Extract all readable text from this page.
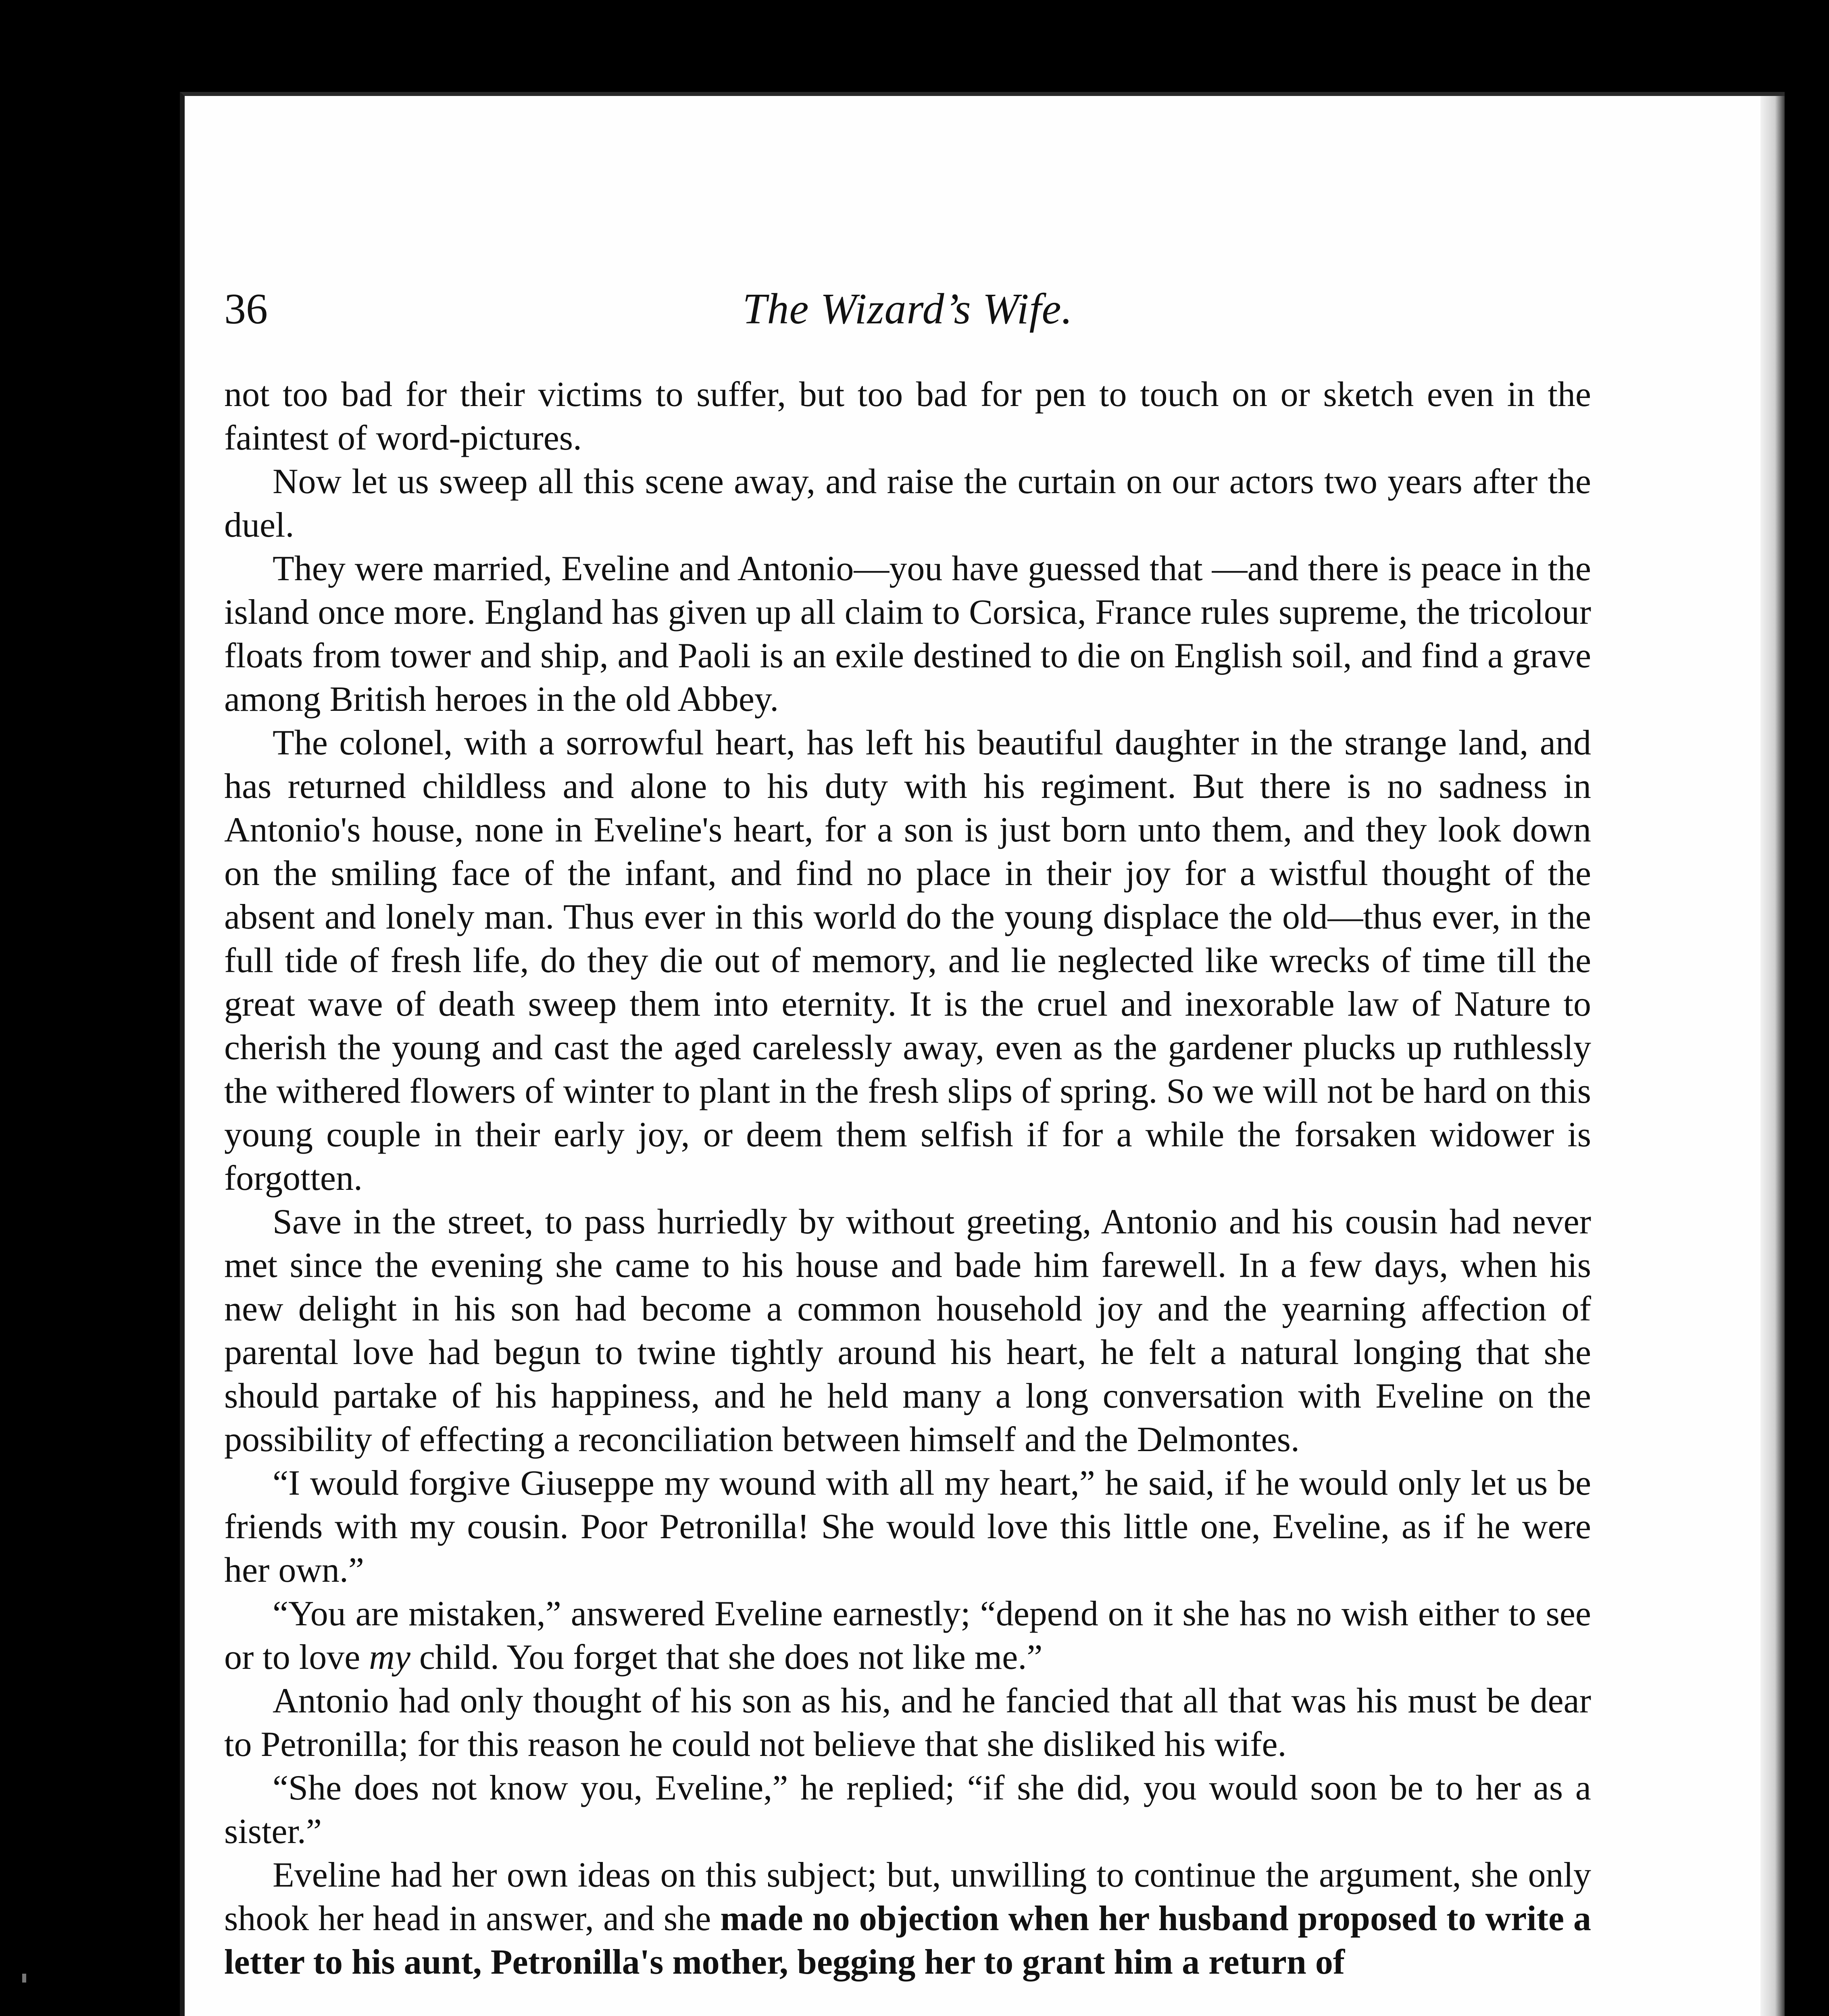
36	The Wizard’s Wife.

not too bad for their victims to suffer, but too bad for pen to touch on or sketch even in the faintest of word-pictures.

Now let us sweep all this scene away, and raise the curtain on our actors two years after the duel.

They were married, Eveline and Antonio—you have guessed that —and there is peace in the island once more. England has given up all claim to Corsica, France rules supreme, the tricolour floats from tower and ship, and Paoli is an exile destined to die on English soil, and find a grave among British heroes in the old Abbey.

The colonel, with a sorrowful heart, has left his beautiful daughter in the strange land, and has returned childless and alone to his duty with his regiment. But there is no sadness in Antonio's house, none in Eveline's heart, for a son is just born unto them, and they look down on the smiling face of the infant, and find no place in their joy for a wistful thought of the absent and lonely man. Thus ever in this world do the young displace the old—thus ever, in the full tide of fresh life, do they die out of memory, and lie neglected like wrecks of time till the great wave of death sweep them into eternity. It is the cruel and inexorable law of Nature to cherish the young and cast the aged carelessly away, even as the gardener plucks up ruthlessly the withered flowers of winter to plant in the fresh slips of spring. So we will not be hard on this young couple in their early joy, or deem them selfish if for a while the forsaken widower is forgotten.

Save in the street, to pass hurriedly by without greeting, Antonio and his cousin had never met since the evening she came to his house and bade him farewell. In a few days, when his new delight in his son had become a common household joy and the yearning affection of parental love had begun to twine tightly around his heart, he felt a natural longing that she should partake of his happiness, and he held many a long conversation with Eveline on the possibility of effecting a reconciliation between himself and the Delmontes.

“I would forgive Giuseppe my wound with all my heart,” he said, if he would only let us be friends with my cousin. Poor Petronilla! She would love this little one, Eveline, as if he were her own.”

“You are mistaken,” answered Eveline earnestly; “depend on it she has no wish either to see or to love my child. You forget that she does not like me.”

Antonio had only thought of his son as his, and he fancied that all that was his must be dear to Petronilla; for this reason he could not believe that she disliked his wife.

“She does not know you, Eveline,” he replied; “if she did, you would soon be to her as a sister.”

Eveline had her own ideas on this subject; but, unwilling to continue the argument, she only shook her head in answer, and she made no objection when her husband proposed to write a letter to his aunt, Petronilla's mother, begging her to grant him a return of
